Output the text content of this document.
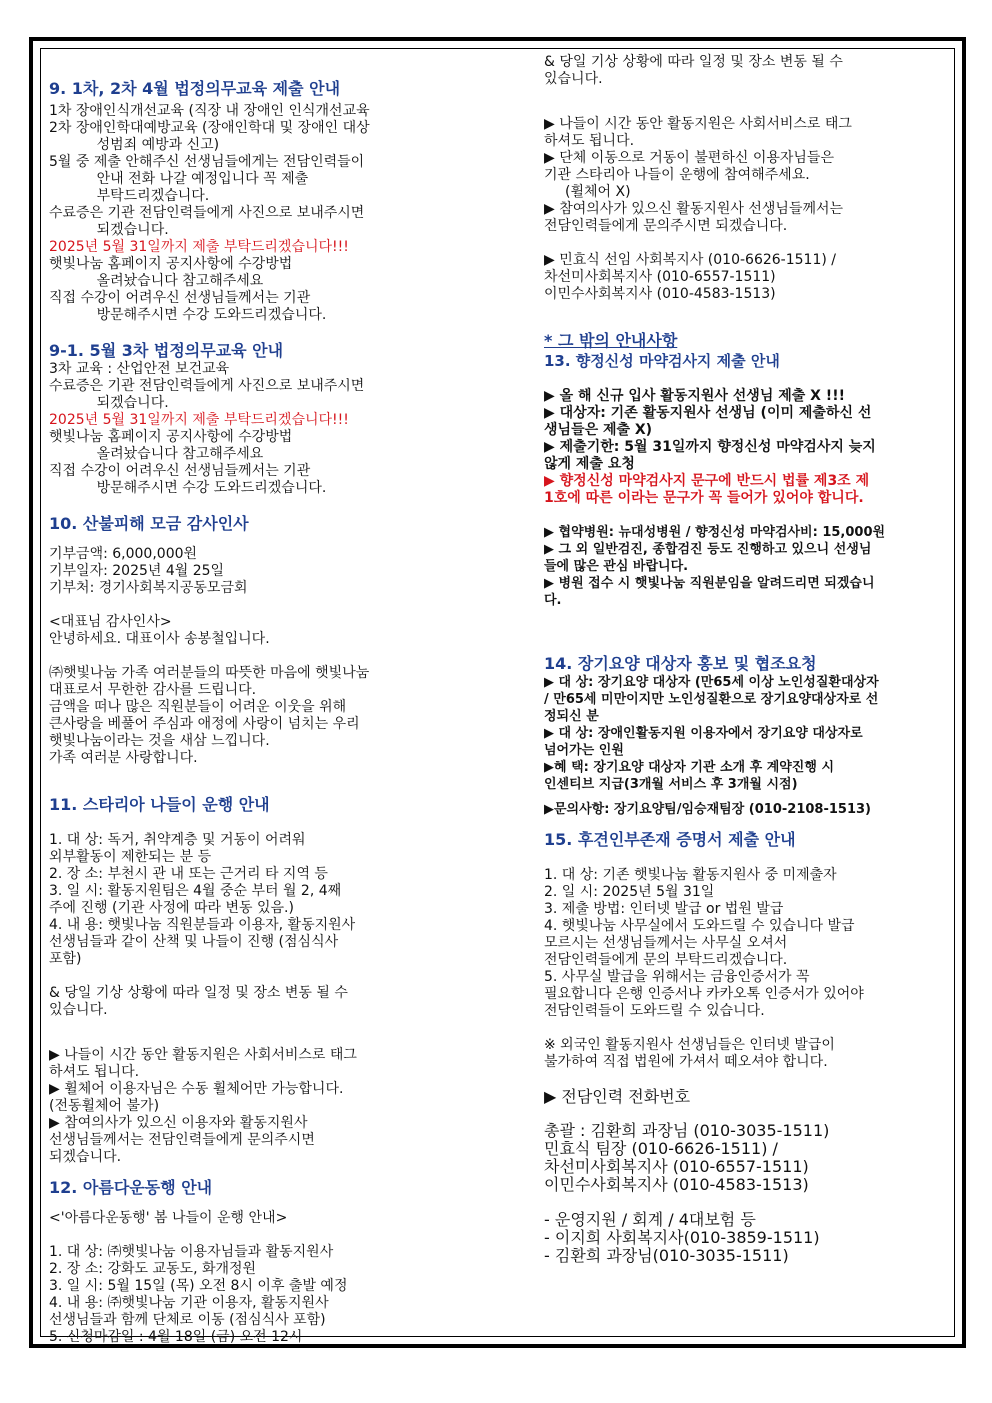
9. 1차, 2차 4월 법정의무교육 제출 안내
1차 장애인식개선교육 (직장 내 장애인 인식개선교육
2차 장애인학대예방교육 (장애인학대 및 장애인 대상
성범죄 예방과 신고)
5월 중 제출 안해주신 선생님들에게는 전담인력들이
안내 전화 나갈 예정입니다 꼭 제출
부탁드리겠습니다.
수료증은 기관 전담인력들에게 사진으로 보내주시면
되겠습니다.
2025년 5월 31일까지 제출 부탁드리겠습니다!!!
햇빛나눔 홈페이지 공지사항에 수강방법
올려놨습니다 참고해주세요
직접 수강이 어려우신 선생님들께서는 기관
방문해주시면 수강 도와드리겠습니다.
9-1. 5월 3차 법정의무교육 안내
3차 교육 : 산업안전 보건교육
수료증은 기관 전담인력들에게 사진으로 보내주시면
되겠습니다.
2025년 5월 31일까지 제출 부탁드리겠습니다!!!
햇빛나눔 홈페이지 공지사항에 수강방법
올려놨습니다 참고해주세요
직접 수강이 어려우신 선생님들께서는 기관
방문해주시면 수강 도와드리겠습니다.
10. 산불피해 모금 감사인사
기부금액: 6,000,000원
기부일자: 2025년 4월 25일
기부처: 경기사회복지공동모금회
<대표님 감사인사>
안녕하세요. 대표이사 송봉철입니다.
㈜햇빛나눔 가족 여러분들의 따뜻한 마음에 햇빛나눔
대표로서 무한한 감사를 드립니다.
금액을 떠나 많은 직원분들이 어려운 이웃을 위해
큰사랑을 베풀어 주심과 애정에 사랑이 넘치는 우리
햇빛나눔이라는 것을 새삼 느낍니다.
가족 여러분 사랑합니다.
11. 스타리아 나들이 운행 안내
1. 대 상: 독거, 취약계층 및 거동이 어려워
외부활동이 제한되는 분 등
2. 장 소: 부천시 관 내 또는 근거리 타 지역 등
3. 일 시: 활동지원팀은 4월 중순 부터 월 2, 4째
주에 진행 (기관 사정에 따라 변동 있음.)
4. 내 용: 햇빛나눔 직원분들과 이용자, 활동지원사
선생님들과 같이 산책 및 나들이 진행 (점심식사
포함)
& 당일 기상 상황에 따라 일정 및 장소 변동 될 수
있습니다.
▶ 나들이 시간 동안 활동지원은 사회서비스로 태그
하셔도 됩니다.
▶ 휠체어 이용자님은 수동 휠체어만 가능합니다.
(전동휠체어 불가)
▶ 참여의사가 있으신 이용자와 활동지원사
선생님들께서는 전담인력들에게 문의주시면
되겠습니다.
12. 아름다운동행 안내
<'아름다운동행' 봄 나들이 운행 안내>
1. 대 상: ㈜햇빛나눔 이용자님들과 활동지원사
2. 장 소: 강화도 교동도, 화개정원
3. 일 시: 5월 15일 (목) 오전 8시 이후 출발 예정
4. 내 용: ㈜햇빛나눔 기관 이용자, 활동지원사
선생님들과 함께 단체로 이동 (점심식사 포함)
5. 신청마감일 : 4월 18일 (금) 오전 12시
& 당일 기상 상황에 따라 일정 및 장소 변동 될 수
있습니다.
▶ 나들이 시간 동안 활동지원은 사회서비스로 태그
하셔도 됩니다.
▶ 단체 이동으로 거동이 불편하신 이용자님들은
기관 스타리아 나들이 운행에 참여해주세요.
(휠체어 X)
▶ 참여의사가 있으신 활동지원사 선생님들께서는
전담인력들에게 문의주시면 되겠습니다.
▶ 민효식 선임 사회복지사 (010-6626-1511) /
차선미사회복지사 (010-6557-1511)
이민수사회복지사 (010-4583-1513)
* 그 밖의 안내사항
13. 향정신성 마약검사지 제출 안내
▶ 올 해 신규 입사 활동지원사 선생님 제출 X !!!
▶ 대상자: 기존 활동지원사 선생님 (이미 제출하신 선
생님들은 제출 X)
▶ 제출기한: 5월 31일까지 향정신성 마약검사지 늦지
않게 제출 요청
▶ 향정신성 마약검사지 문구에 반드시 법률 제3조 제
1호에 따른 이라는 문구가 꼭 들어가 있어야 합니다.
▶ 협약병원: 뉴대성병원 / 향정신성 마약검사비: 15,000원
▶ 그 외 일반검진, 종합검진 등도 진행하고 있으니 선생님
들에 많은 관심 바랍니다.
▶ 병원 접수 시 햇빛나눔 직원분임을 알려드리면 되겠습니
다.
14. 장기요양 대상자 홍보 및 협조요청
▶ 대 상: 장기요양 대상자 (만65세 이상 노인성질환대상자
/ 만65세 미만이지만 노인성질환으로 장기요양대상자로 선
정되신 분
▶ 대 상: 장애인활동지원 이용자에서 장기요양 대상자로
넘어가는 인원
▶혜 택: 장기요양 대상자 기관 소개 후 계약진행 시
인센티브 지급(3개월 서비스 후 3개월 시점)
▶문의사항: 장기요양팀/임승재팀장 (010-2108-1513)
15. 후견인부존재 증명서 제출 안내
1. 대 상: 기존 햇빛나눔 활동지원사 중 미제출자
2. 일 시: 2025년 5월 31일
3. 제출 방법: 인터넷 발급 or 법원 발급
4. 햇빛나눔 사무실에서 도와드릴 수 있습니다 발급
모르시는 선생님들께서는 사무실 오셔서
전담인력들에게 문의 부탁드리겠습니다.
5. 사무실 발급을 위해서는 금융인증서가 꼭
필요합니다 은행 인증서나 카카오톡 인증서가 있어야
전담인력들이 도와드릴 수 있습니다.
※ 외국인 활동지원사 선생님들은 인터넷 발급이
불가하여 직접 법원에 가셔서 떼오셔야 합니다.
▶ 전담인력 전화번호
총괄 : 김환희 과장님 (010-3035-1511)
민효식 팀장 (010-6626-1511) /
차선미사회복지사 (010-6557-1511)
이민수사회복지사 (010-4583-1513)
- 운영지원 / 회계 / 4대보험 등
- 이지희 사회복지사(010-3859-1511)
- 김환희 과장님(010-3035-1511)
